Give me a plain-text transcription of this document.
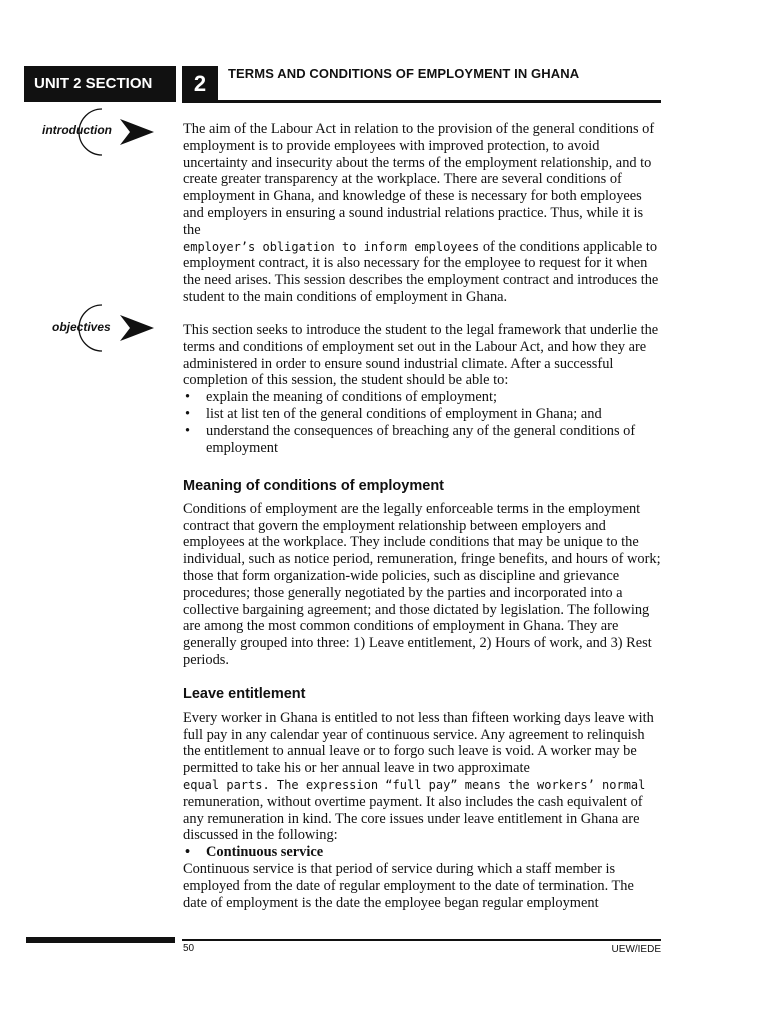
UNIT 2 SECTION	2	TERMS AND CONDITIONS OF EMPLOYMENT IN GHANA
introduction
objectives

The aim of the Labour Act in relation to the provision of the general conditions of employment is to provide employees with improved protection, to avoid uncertainty and insecurity about the terms of the employment relationship, and to create greater transparency at the workplace. There are several conditions of employment in Ghana, and knowledge of these is necessary for both employees and employers in ensuring a sound industrial relations practice. Thus, while it is the
employer’s obligation to inform employees of the conditions applicable to employment contract, it is also necessary for the employee to request for it when the need arises. This session describes the employment contract and introduces the student to the main conditions of employment in Ghana.

This section seeks to introduce the student to the legal framework that underlie the terms and conditions of employment set out in the Labour Act, and how they are administered in order to ensure sound industrial climate. After a successful completion of this session, the student should be able to:

• explain the meaning of conditions of employment;
• list at list ten of the general conditions of employment in Ghana; and
• understand the consequences of breaching any of the general conditions of employment
Meaning of conditions of employment

Conditions of employment are the legally enforceable terms in the employment contract that govern the employment relationship between employers and employees at the workplace. They include conditions that may be unique to the individual, such as notice period, remuneration, fringe benefits, and hours of work; those that form organization-wide policies, such as discipline and grievance procedures; those generally negotiated by the parties and incorporated into a collective bargaining agreement; and those dictated by legislation. The following are among the most common conditions of employment in Ghana. They are generally grouped into three: 1) Leave entitlement, 2) Hours of work, and 3) Rest periods.

Leave entitlement

Every worker in Ghana is entitled to not less than fifteen working days leave with full pay in any calendar year of continuous service. Any agreement to relinquish the entitlement to annual leave or to forgo such leave is void. A worker may be permitted to take his or her annual leave in two approximate
equal parts. The expression “full pay” means the workers’ normal remuneration, without overtime payment. It also includes the cash equivalent of any remuneration in kind. The core issues under leave entitlement in Ghana are discussed in the following:

• Continuous service

Continuous service is that period of service during which a staff member is employed from the date of regular employment to the date of termination. The date of employment is the date the employee began regular employment

50	UEW/IEDE
